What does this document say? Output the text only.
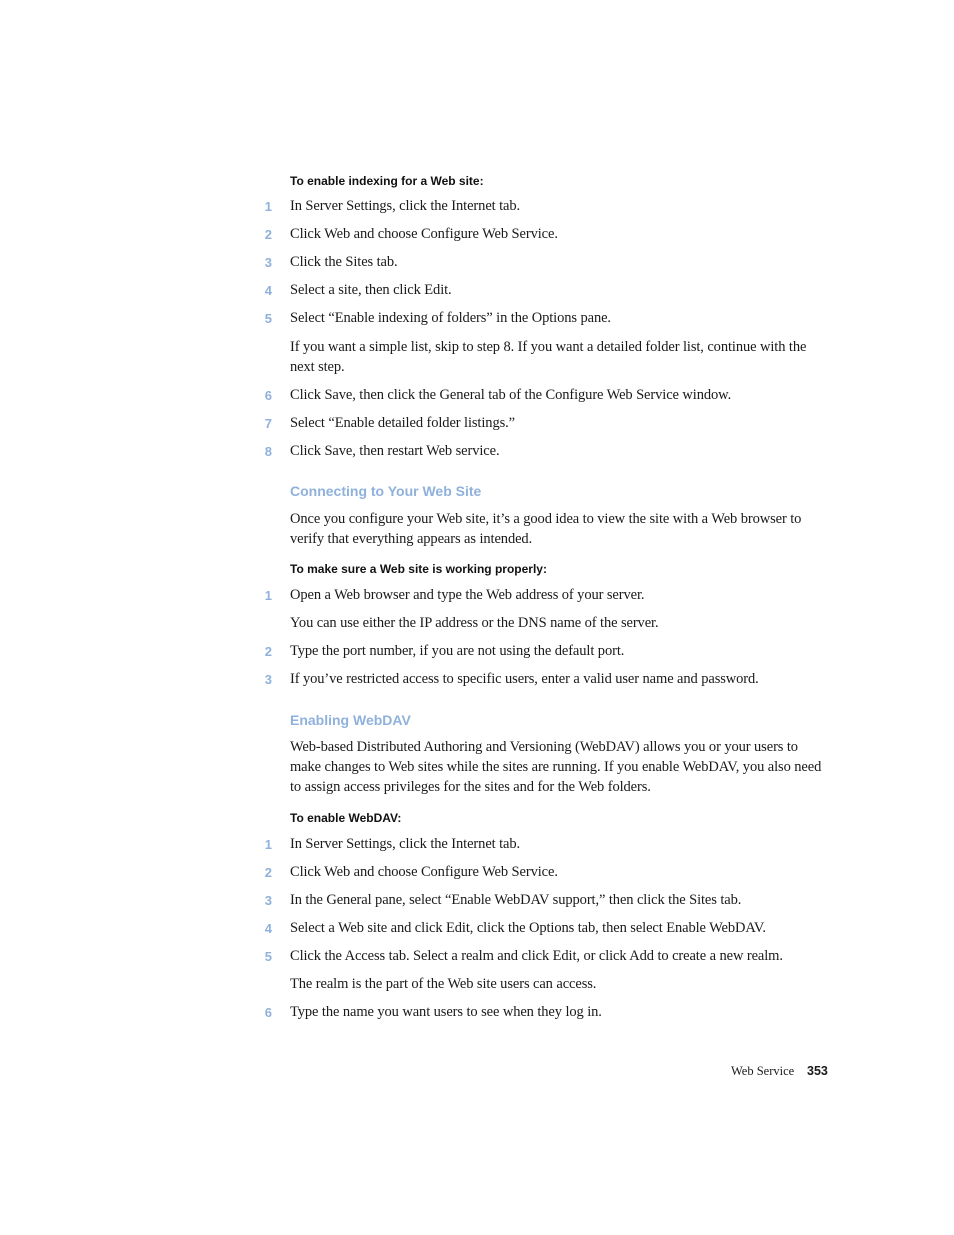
To enable indexing for a Web site:
1 In Server Settings, click the Internet tab.
2 Click Web and choose Configure Web Service.
3 Click the Sites tab.
4 Select a site, then click Edit.
5 Select “Enable indexing of folders” in the Options pane.
If you want a simple list, skip to step 8. If you want a detailed folder list, continue with the next step.
6 Click Save, then click the General tab of the Configure Web Service window.
7 Select “Enable detailed folder listings.”
8 Click Save, then restart Web service.
Connecting to Your Web Site
Once you configure your Web site, it’s a good idea to view the site with a Web browser to verify that everything appears as intended.
To make sure a Web site is working properly:
1 Open a Web browser and type the Web address of your server.
You can use either the IP address or the DNS name of the server.
2 Type the port number, if you are not using the default port.
3 If you’ve restricted access to specific users, enter a valid user name and password.
Enabling WebDAV
Web-based Distributed Authoring and Versioning (WebDAV) allows you or your users to make changes to Web sites while the sites are running. If you enable WebDAV, you also need to assign access privileges for the sites and for the Web folders.
To enable WebDAV:
1 In Server Settings, click the Internet tab.
2 Click Web and choose Configure Web Service.
3 In the General pane, select “Enable WebDAV support,” then click the Sites tab.
4 Select a Web site and click Edit, click the Options tab, then select Enable WebDAV.
5 Click the Access tab. Select a realm and click Edit, or click Add to create a new realm.
The realm is the part of the Web site users can access.
6 Type the name you want users to see when they log in.
Web Service 353
